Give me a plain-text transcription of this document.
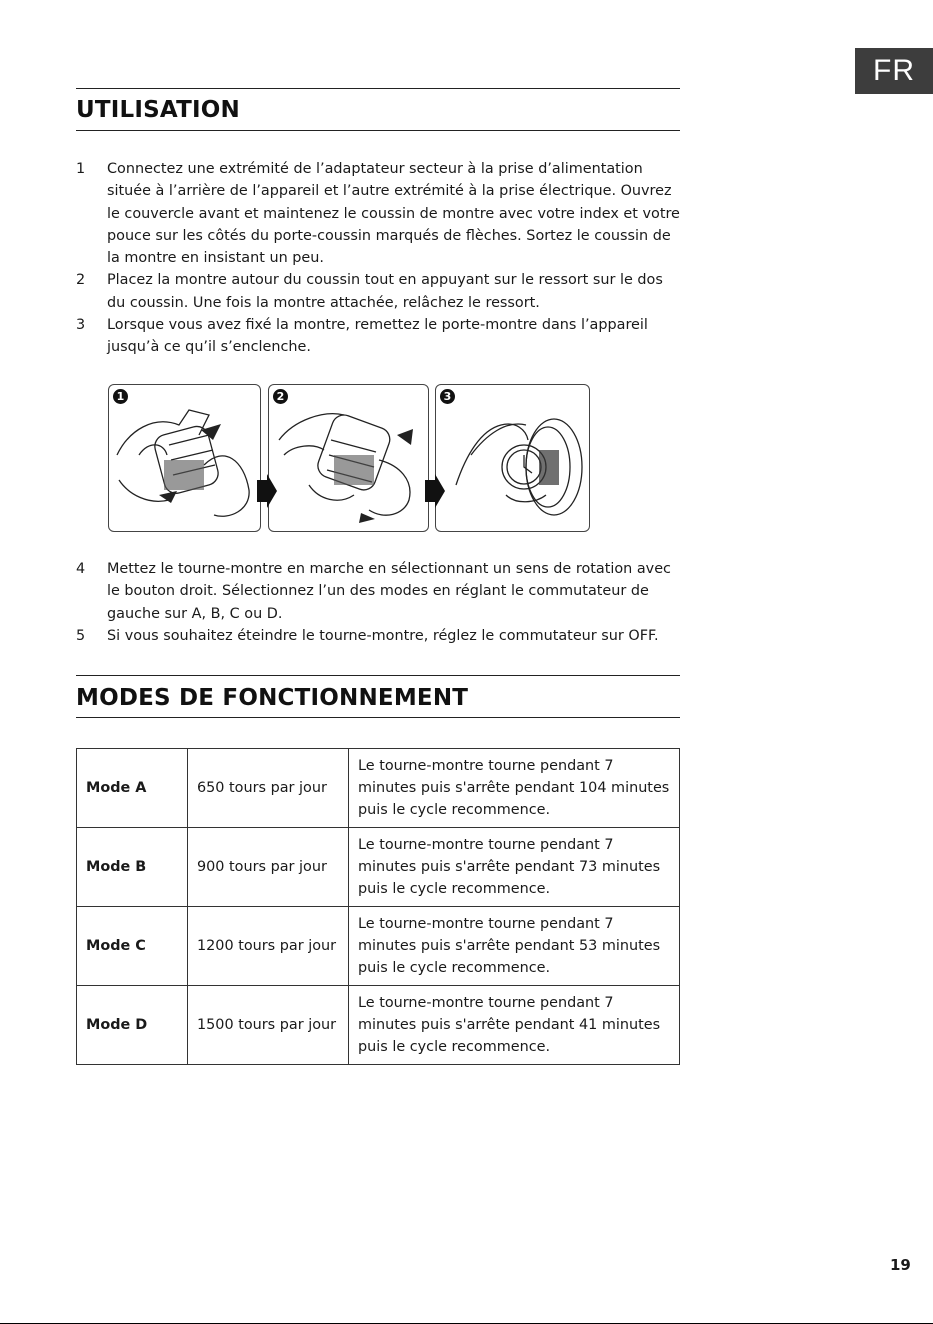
FR
UTILISATION
1 Connectez une extrémité de l’adaptateur secteur à la prise d’alimentation située à l’arrière de l’appareil et l’autre extrémité à la prise électrique. Ouvrez le couvercle avant et maintenez le coussin de montre avec votre index et votre pouce sur les côtés du porte-coussin marqués de flèches. Sortez le coussin de la montre en insistant un peu.
2 Placez la montre autour du coussin tout en appuyant sur le ressort sur le dos du coussin. Une fois la montre attachée, relâchez le ressort.
3 Lorsque vous avez fixé la montre, remettez le porte-montre dans l’appareil jusqu’à ce qu’il s’enclenche.
1	2	3
4 Mettez le tourne-montre en marche en sélectionnant un sens de rotation avec le bouton droit. Sélectionnez l’un des modes en réglant le commutateur de gauche sur A, B, C ou D.
5 Si vous souhaitez éteindre le tourne-montre, réglez le commutateur sur OFF.
MODES DE FONCTIONNEMENT
Mode A	650 tours par jour	Le tourne-montre tourne pendant 7 minutes puis s'arrête pendant 104 minutes puis le cycle recommence.
Mode B	900 tours par jour	Le tourne-montre tourne pendant 7 minutes puis s'arrête pendant 73 minutes puis le cycle recommence.
Mode C	1200 tours par jour	Le tourne-montre tourne pendant 7 minutes puis s'arrête pendant 53 minutes puis le cycle recommence.
Mode D	1500 tours par jour	Le tourne-montre tourne pendant 7 minutes puis s'arrête pendant 41 minutes puis le cycle recommence.
19
